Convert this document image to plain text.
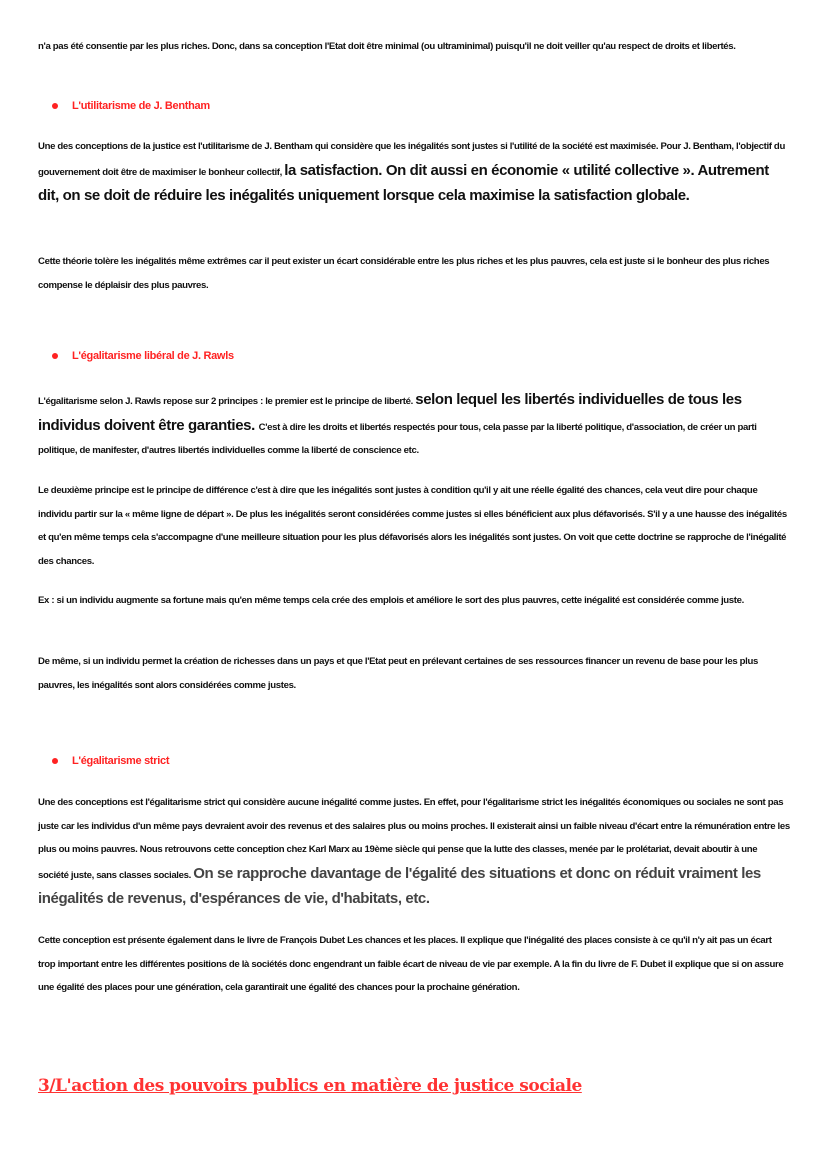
n'a pas été consentie par les plus riches. Donc, dans sa conception l'Etat doit être minimal (ou ultraminimal) puisqu'il ne doit veiller qu'au respect de droits et libertés.
L'utilitarisme de J. Bentham
Une des conceptions de la justice est l'utilitarisme de J. Bentham qui considère que les inégalités sont justes si l'utilité de la société est maximisée. Pour J. Bentham, l'objectif du gouvernement doit être de maximiser le bonheur collectif, la satisfaction. On dit aussi en économie « utilité collective ». Autrement dit, on se doit de réduire les inégalités uniquement lorsque cela maximise la satisfaction globale.
Cette théorie tolère les inégalités même extrêmes car il peut exister un écart considérable entre les plus riches et les plus pauvres, cela est juste si le bonheur des plus riches compense le déplaisir des plus pauvres.
L'égalitarisme libéral de J. Rawls
L'égalitarisme selon J. Rawls repose sur 2 principes : le premier est le principe de liberté. selon lequel les libertés individuelles de tous les individus doivent être garanties. C'est à dire les droits et libertés respectés pour tous, cela passe par la liberté politique, d'association, de créer un parti politique, de manifester, d'autres libertés individuelles comme la liberté de conscience etc.
Le deuxième principe est le principe de différence c'est à dire que les inégalités sont justes à condition qu'il y ait une réelle égalité des chances, cela veut dire pour chaque individu partir sur la « même ligne de départ ». De plus les inégalités seront considérées comme justes si elles bénéficient aux plus défavorisés. S'il y a une hausse des inégalités et qu'en même temps cela s'accompagne d'une meilleure situation pour les plus défavorisés alors les inégalités sont justes. On voit que cette doctrine se rapproche de l'inégalité des chances.
Ex : si un individu augmente sa fortune mais qu'en même temps cela crée des emplois et améliore le sort des plus pauvres, cette inégalité est considérée comme juste.
De même, si un individu permet la création de richesses dans un pays et que l'Etat peut en prélevant certaines de ses ressources financer un revenu de base pour les plus pauvres, les inégalités sont alors considérées comme justes.
L'égalitarisme strict
Une des conceptions est l'égalitarisme strict qui considère aucune inégalité comme justes. En effet, pour l'égalitarisme strict les inégalités économiques ou sociales ne sont pas juste car les individus d'un même pays devraient avoir des revenus et des salaires plus ou moins proches. Il existerait ainsi un faible niveau d'écart entre la rémunération entre les plus ou moins pauvres. Nous retrouvons cette conception chez Karl Marx au 19ème siècle qui pense que la lutte des classes, menée par le prolétariat, devait aboutir à une société juste, sans classes sociales. On se rapproche davantage de l'égalité des situations et donc on réduit vraiment les inégalités de revenus, d'espérances de vie, d'habitats, etc.
Cette conception est présente également dans le livre de François Dubet Les chances et les places. Il explique que l'inégalité des places consiste à ce qu'il n'y ait pas un écart trop important entre les différentes positions de là sociétés donc engendrant un faible écart de niveau de vie par exemple. A la fin du livre de F. Dubet il explique que si on assure une égalité des places pour une génération, cela garantirait une égalité des chances pour la prochaine génération.
3/L'action des pouvoirs publics en matière de justice sociale
